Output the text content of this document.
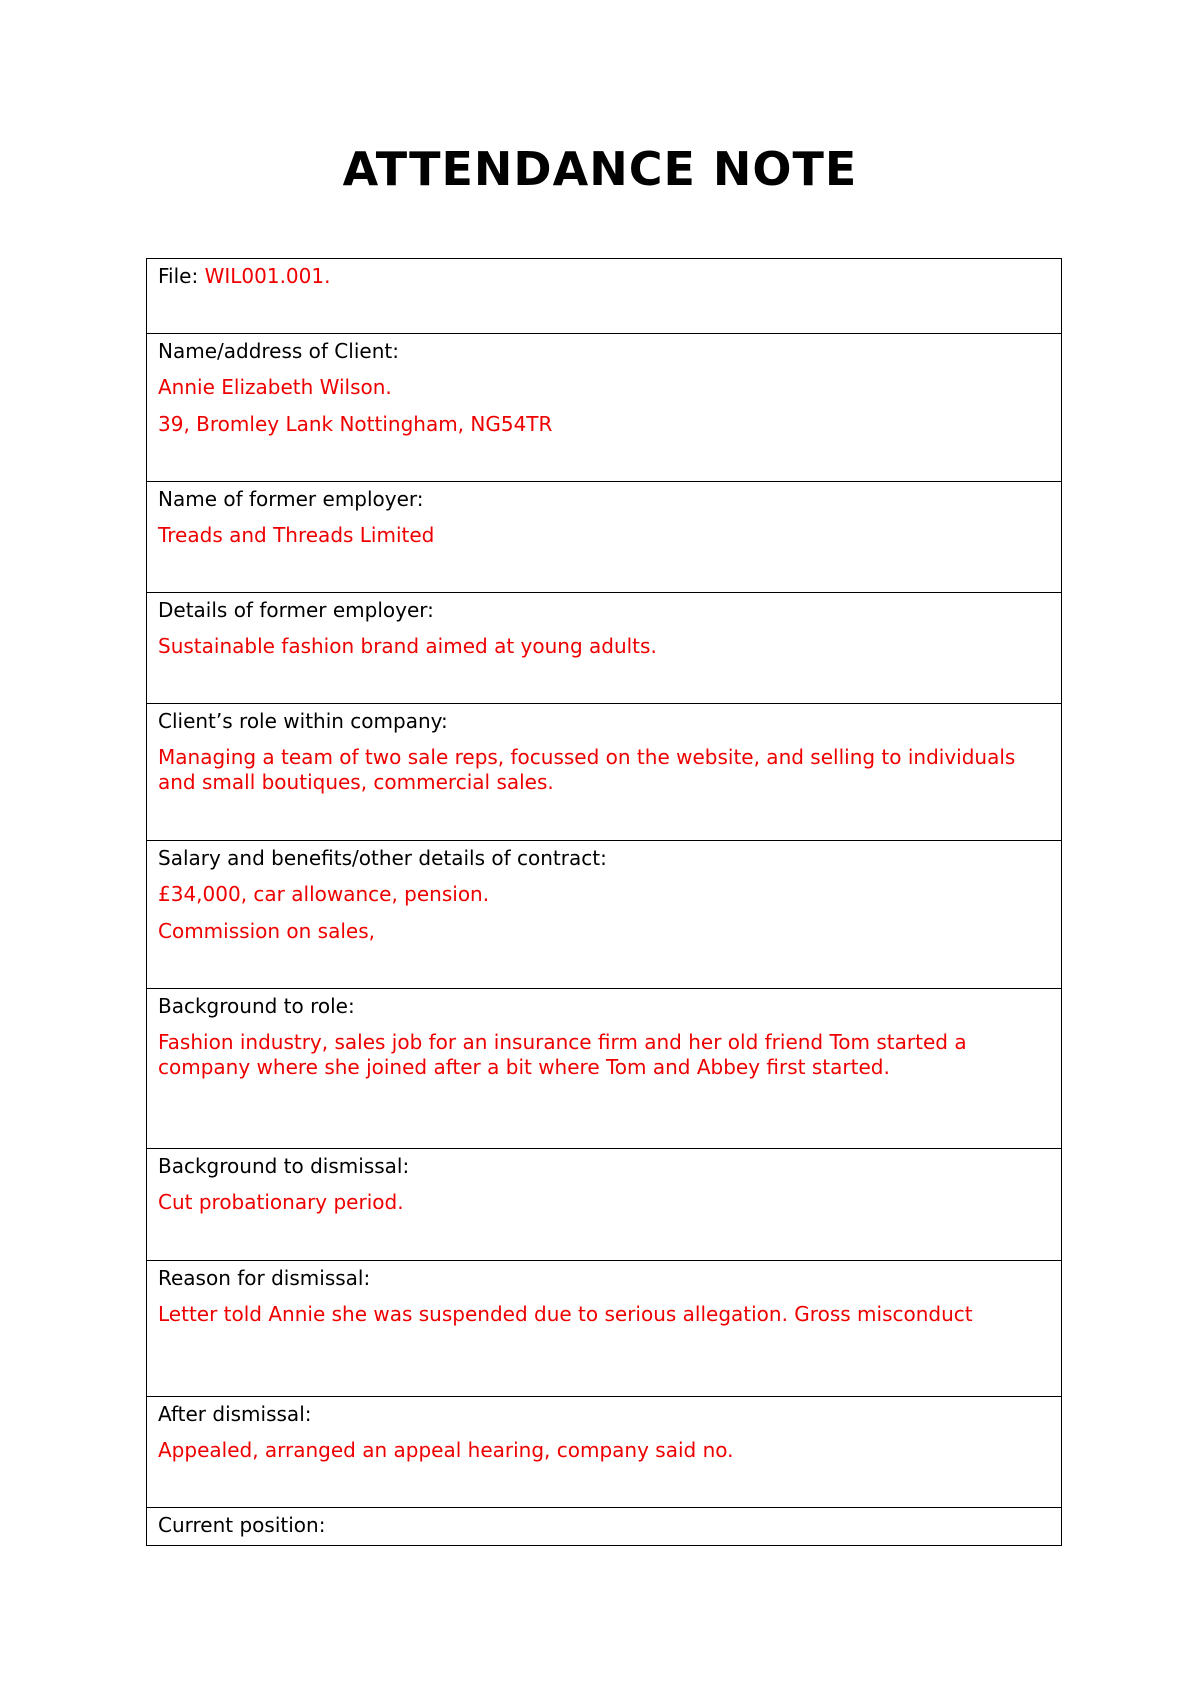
ATTENDANCE NOTE

File: WIL001.001.

Name/address of Client:

Annie Elizabeth Wilson.

39, Bromley Lank Nottingham, NG54TR

Name of former employer:

Treads and Threads Limited

Details of former employer:

Sustainable fashion brand aimed at young adults.

Client’s role within company:

Managing a team of two sale reps, focussed on the website, and selling to individuals and small boutiques, commercial sales.

Salary and benefits/other details of contract:

£34,000, car allowance, pension.

Commission on sales,

Background to role:

Fashion industry, sales job for an insurance firm and her old friend Tom started a company where she joined after a bit where Tom and Abbey first started.

Background to dismissal:

Cut probationary period.

Reason for dismissal:

Letter told Annie she was suspended due to serious allegation. Gross misconduct

After dismissal:

Appealed, arranged an appeal hearing, company said no.

Current position:
